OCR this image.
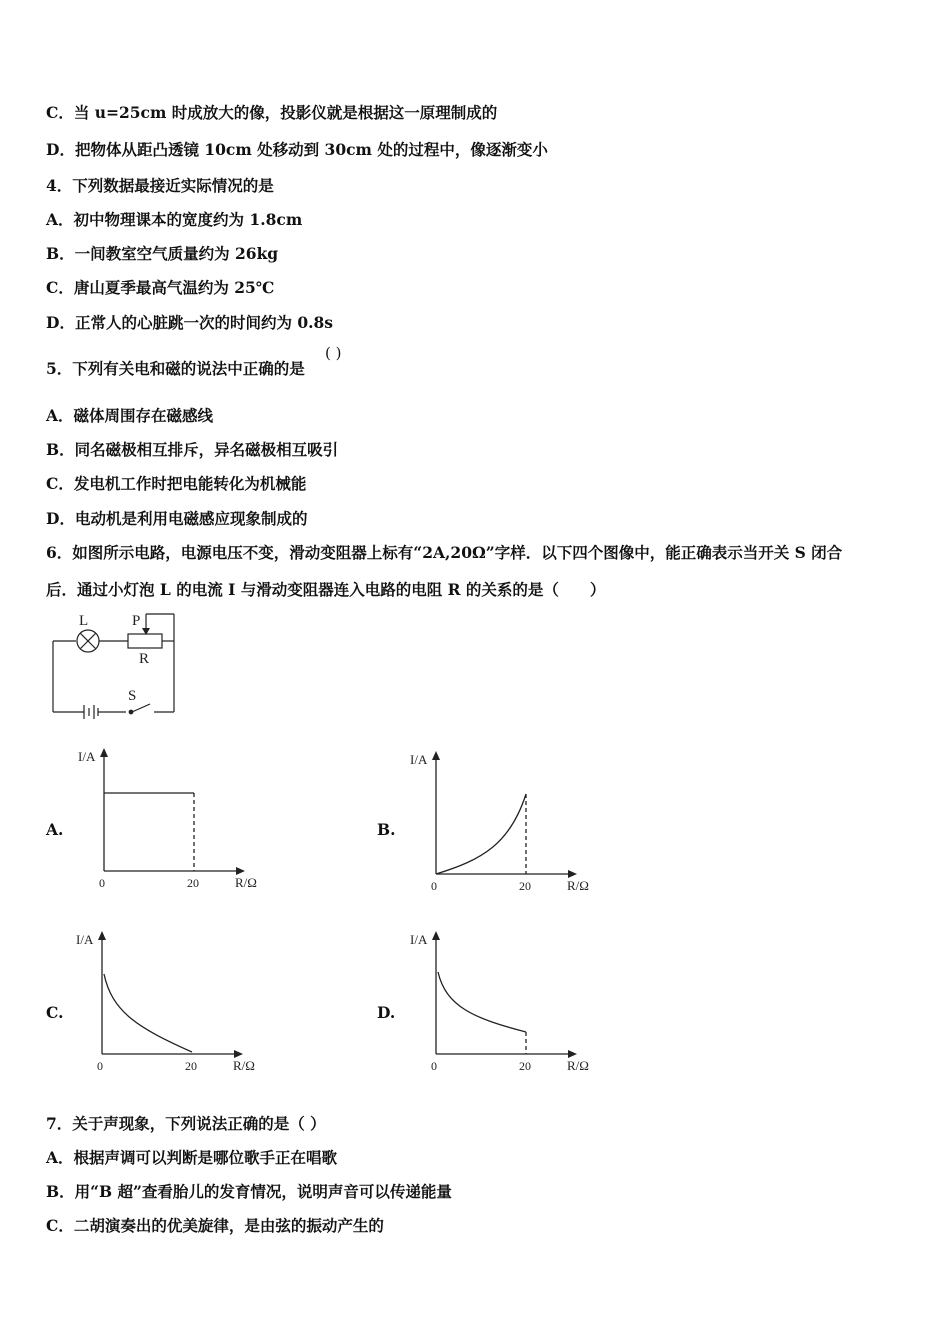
C．当 u=25cm 时成放大的像，投影仪就是根据这一原理制成的
D．把物体从距凸透镜 10cm 处移动到 30cm 处的过程中，像逐渐变小
4．下列数据最接近实际情况的是
A．初中物理课本的宽度约为 1.8cm
B．一间教室空气质量约为 26kg
C．唐山夏季最高气温约为 25℃
D．正常人的心脏跳一次的时间约为 0.8s
5．下列有关电和磁的说法中正确的是
( )
A．磁体周围存在磁感线
B．同名磁极相互排斥，异名磁极相互吸引
C．发电机工作时把电能转化为机械能
D．电动机是利用电磁感应现象制成的
6．如图所示电路，电源电压不变，滑动变阻器上标有“2A,20Ω”字样．以下四个图像中，能正确表示当开关 S 闭合
后．通过小灯泡 L 的电流 I 与滑动变阻器连入电路的电阻 R 的关系的是（　　）
L	P
R
S
A.	B.
C.	D.
I/A
0	20	R/Ω
I/A
0	20	R/Ω
I/A
0	20	R/Ω
I/A
0	20	R/Ω
7．关于声现象，下列说法正确的是（ ）
A．根据声调可以判断是哪位歌手正在唱歌
B．用“B 超”查看胎儿的发育情况，说明声音可以传递能量
C．二胡演奏出的优美旋律，是由弦的振动产生的
